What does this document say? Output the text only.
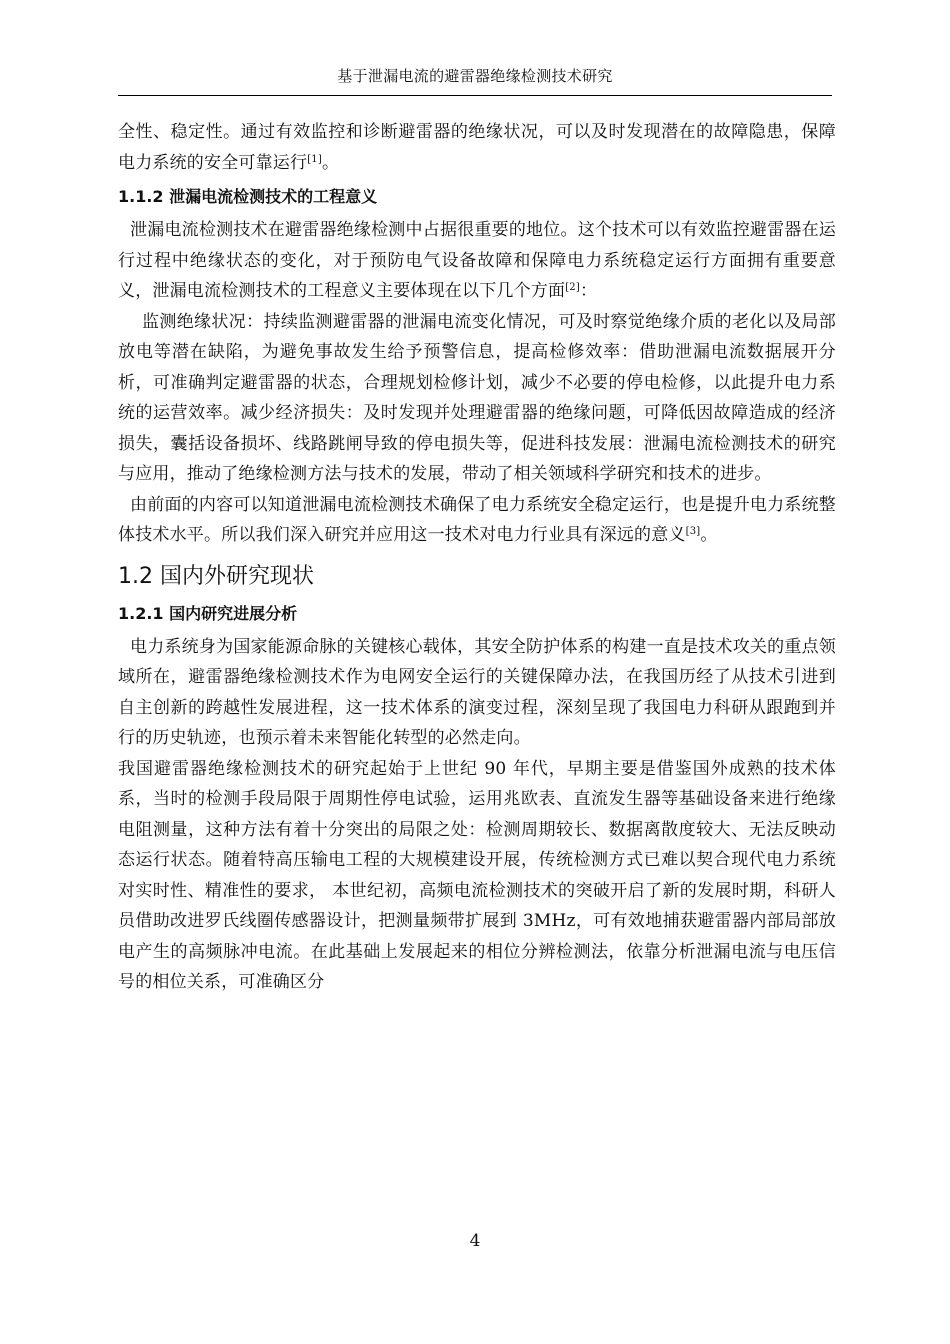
基于泄漏电流的避雷器绝缘检测技术研究

全性、稳定性。通过有效监控和诊断避雷器的绝缘状况，可以及时发现潜在的故障隐患，保障电力系统的安全可靠运行[1]。

1.1.2 泄漏电流检测技术的工程意义

泄漏电流检测技术在避雷器绝缘检测中占据很重要的地位。这个技术可以有效监控避雷器在运行过程中绝缘状态的变化，对于预防电气设备故障和保障电力系统稳定运行方面拥有重要意义，泄漏电流检测技术的工程意义主要体现在以下几个方面[2]：

监测绝缘状况：持续监测避雷器的泄漏电流变化情况，可及时察觉绝缘介质的老化以及局部放电等潜在缺陷，为避免事故发生给予预警信息，提高检修效率：借助泄漏电流数据展开分析，可准确判定避雷器的状态，合理规划检修计划，减少不必要的停电检修，以此提升电力系统的运营效率。减少经济损失：及时发现并处理避雷器的绝缘问题，可降低因故障造成的经济损失，囊括设备损坏、线路跳闸导致的停电损失等，促进科技发展：泄漏电流检测技术的研究与应用，推动了绝缘检测方法与技术的发展，带动了相关领域科学研究和技术的进步。

由前面的内容可以知道泄漏电流检测技术确保了电力系统安全稳定运行，也是提升电力系统整体技术水平。所以我们深入研究并应用这一技术对电力行业具有深远的意义[3]。

1.2 国内外研究现状
1.2.1 国内研究进展分析

电力系统身为国家能源命脉的关键核心载体，其安全防护体系的构建一直是技术攻关的重点领域所在，避雷器绝缘检测技术作为电网安全运行的关键保障办法，在我国历经了从技术引进到自主创新的跨越性发展进程，这一技术体系的演变过程，深刻呈现了我国电力科研从跟跑到并行的历史轨迹，也预示着未来智能化转型的必然走向。

我国避雷器绝缘检测技术的研究起始于上世纪 90 年代，早期主要是借鉴国外成熟的技术体系，当时的检测手段局限于周期性停电试验，运用兆欧表、直流发生器等基础设备来进行绝缘电阻测量，这种方法有着十分突出的局限之处：检测周期较长、数据离散度较大、无法反映动态运行状态。随着特高压输电工程的大规模建设开展，传统检测方式已难以契合现代电力系统对实时性、精准性的要求， 本世纪初，高频电流检测技术的突破开启了新的发展时期，科研人员借助改进罗氏线圈传感器设计，把测量频带扩展到 3MHz，可有效地捕获避雷器内部局部放电产生的高频脉冲电流。在此基础上发展起来的相位分辨检测法，依靠分析泄漏电流与电压信号的相位关系，可准确区分

4
